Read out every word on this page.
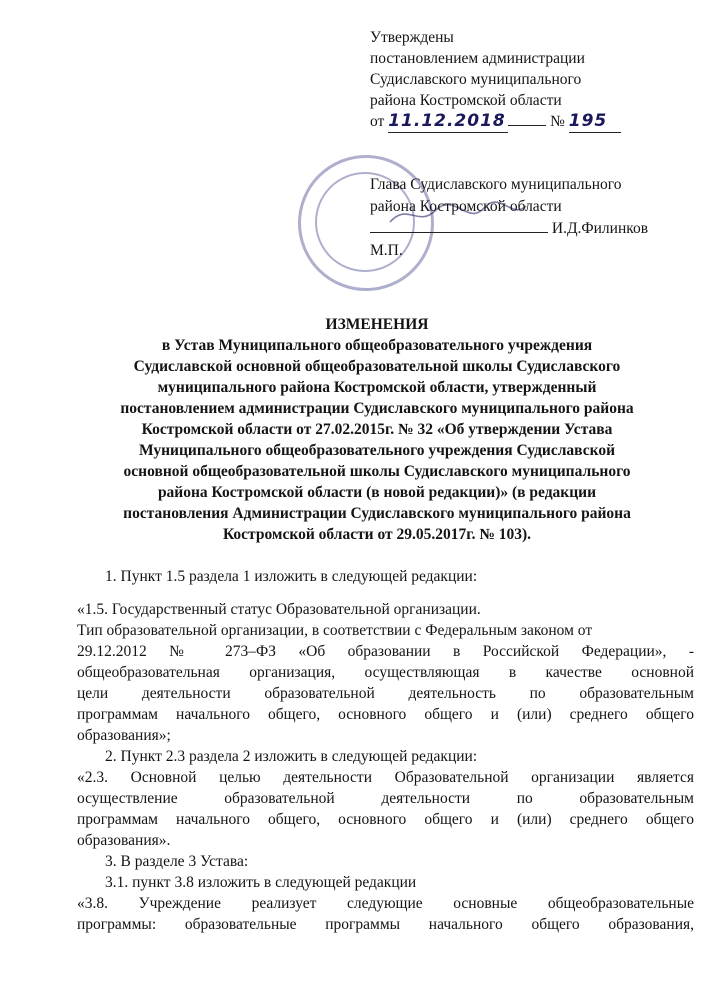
Утверждены
постановлением администрации
Судиславского муниципального
района Костромской области
от 11.12.2018	№ 195
Глава Судиславского муниципального
района Костромской области
И.Д.Филинков
М.П.
ИЗМЕНЕНИЯ
в Устав Муниципального общеобразовательного учреждения
Судиславской основной общеобразовательной школы Судиславского
муниципального района Костромской области, утвержденный
постановлением администрации Судиславского муниципального района
Костромской области от 27.02.2015г. № 32 «Об утверждении Устава
Муниципального общеобразовательного учреждения Судиславской
основной общеобразовательной школы Судиславского муниципального
района Костромской области (в новой редакции)» (в редакции
постановления Администрации Судиславского муниципального района
Костромской области от 29.05.2017г. № 103).
1. Пункт 1.5 раздела 1 изложить в следующей редакции:
«1.5. Государственный статус Образовательной организации.
Тип образовательной организации, в соответствии с Федеральным законом от
29.12.2012 № 273–ФЗ «Об образовании в Российской Федерации», -
общеобразовательная организация, осуществляющая в качестве основной
цели деятельности образовательной деятельность по образовательным
программам начального общего, основного общего и (или) среднего общего
образования»;
2. Пункт 2.3 раздела 2 изложить в следующей редакции:
«2.3. Основной целью деятельности Образовательной организации является
осуществление образовательной деятельности по образовательным
программам начального общего, основного общего и (или) среднего общего
образования».
3. В разделе 3 Устава:
3.1. пункт 3.8 изложить в следующей редакции
«3.8. Учреждение реализует следующие основные общеобразовательные
программы: образовательные программы начального общего образования,
